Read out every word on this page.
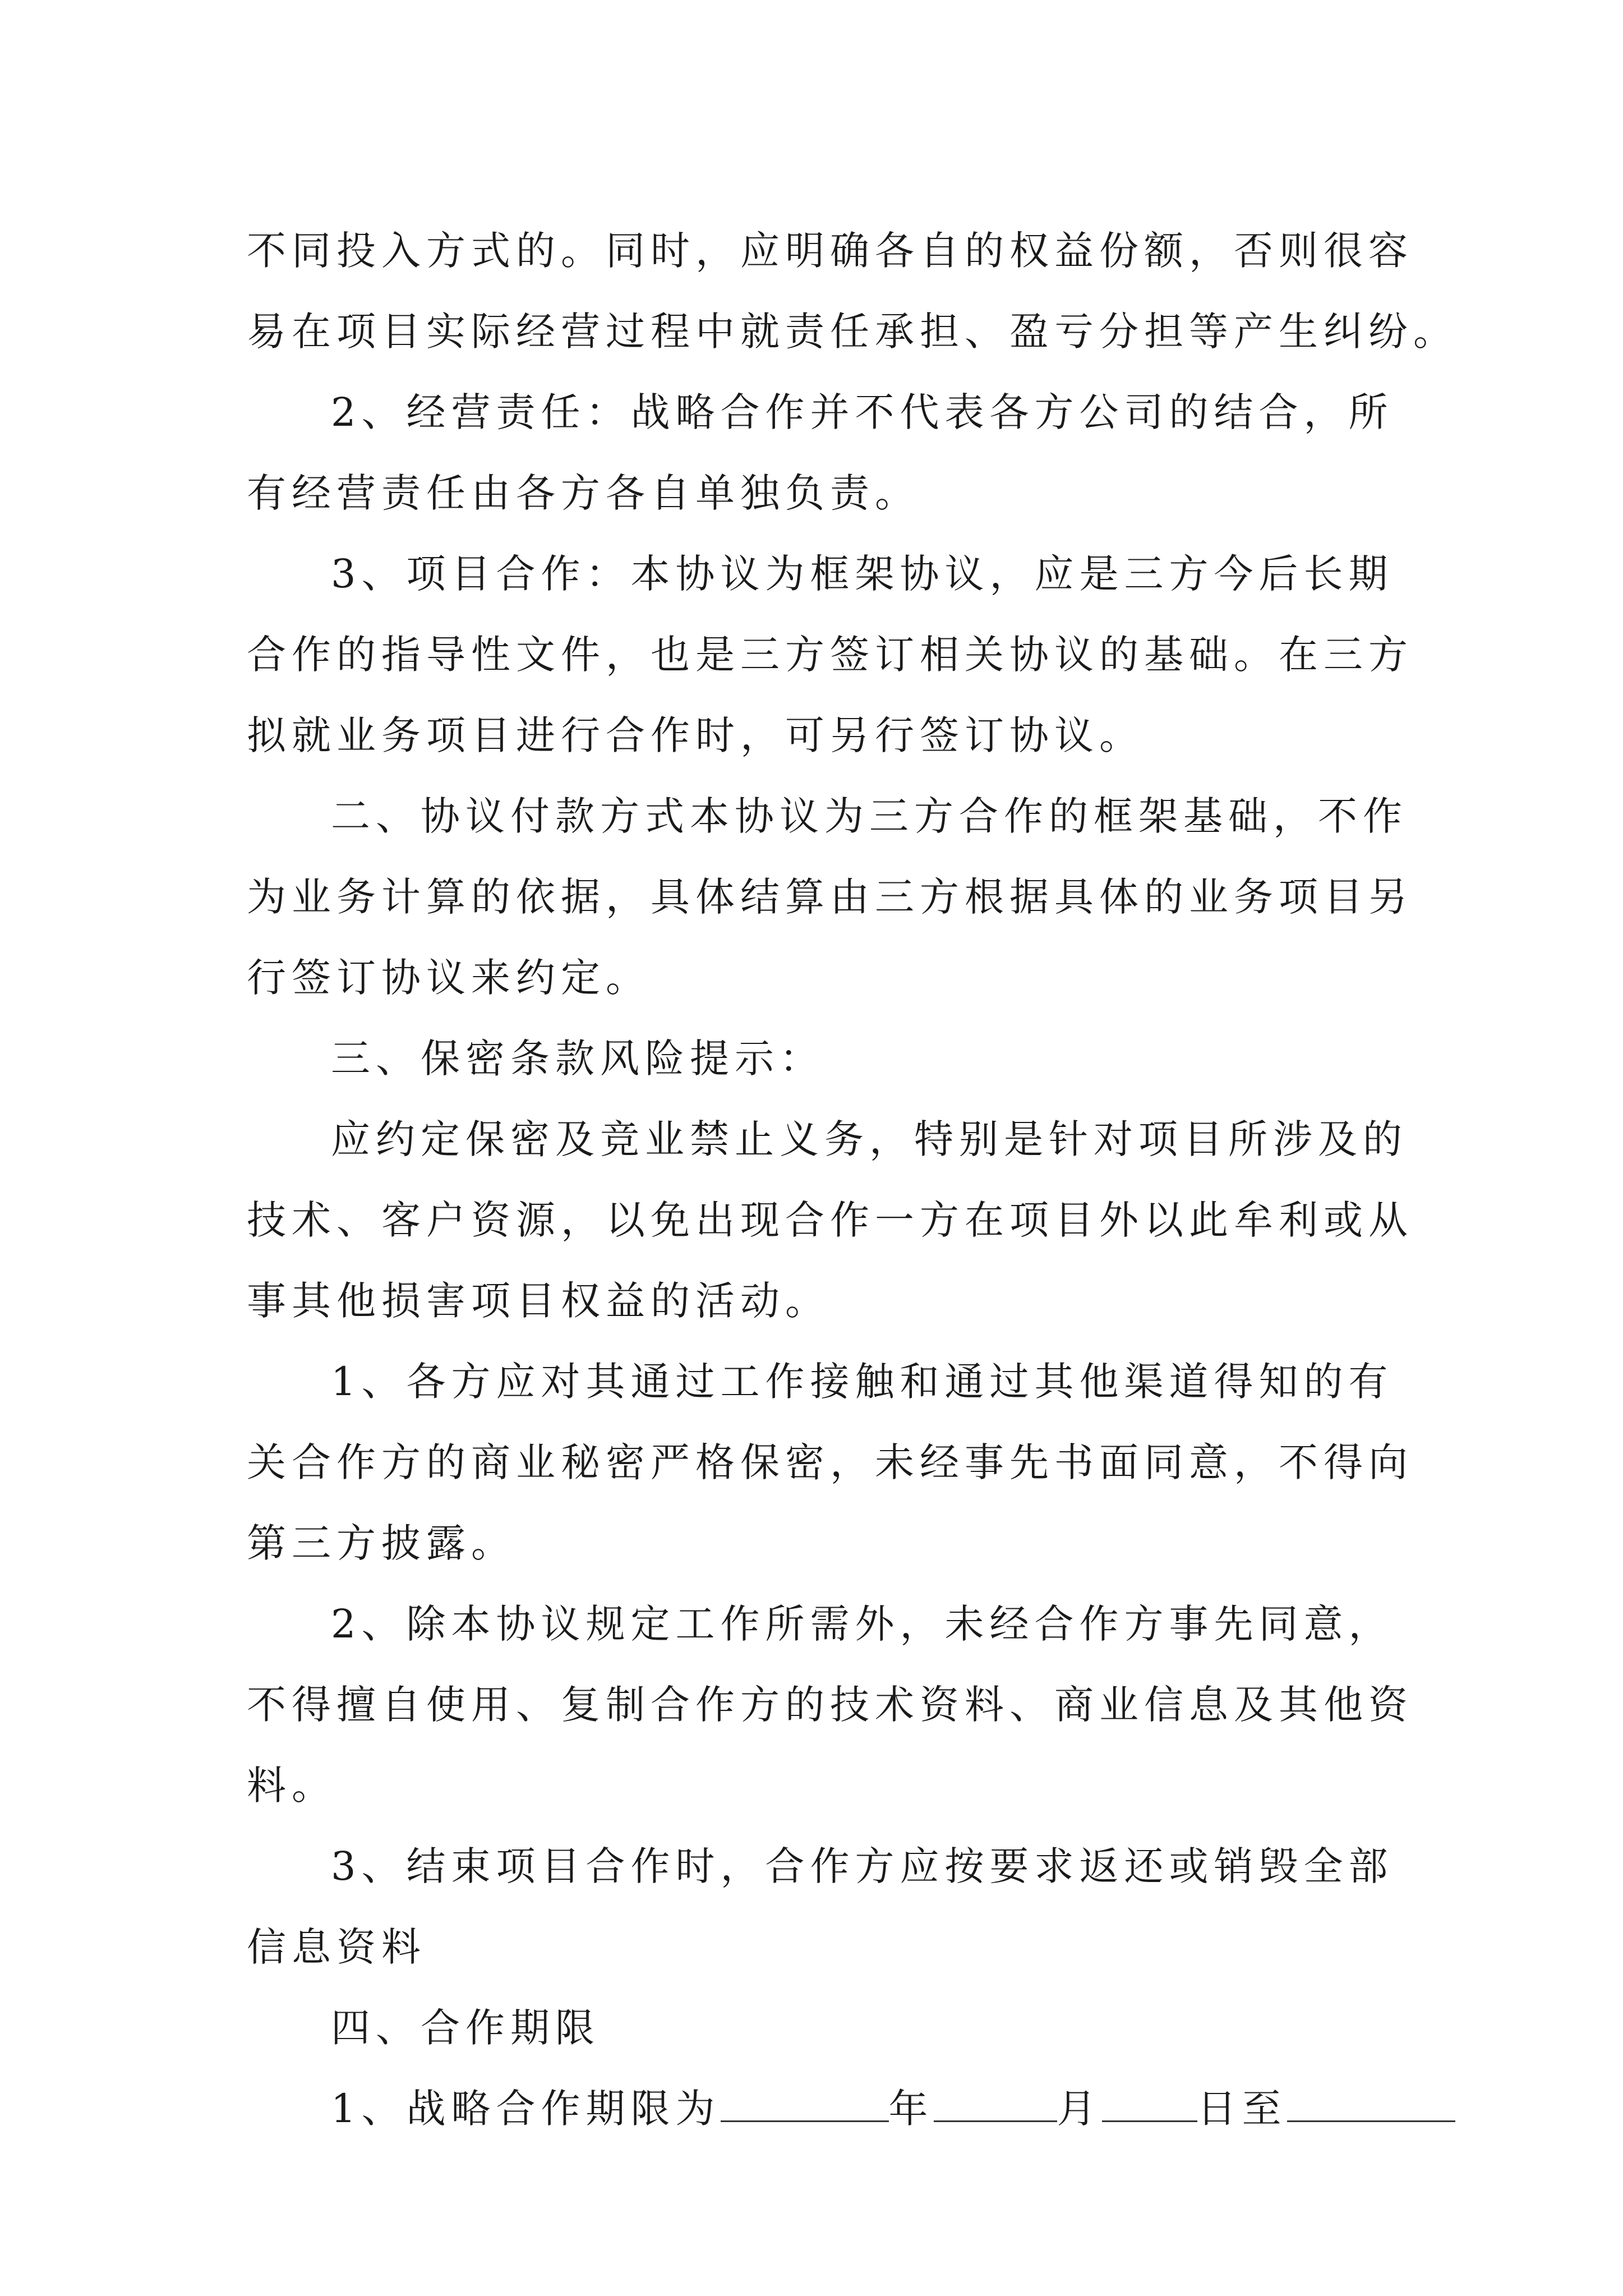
不同投入方式的。同时，应明确各自的权益份额，否则很容
易在项目实际经营过程中就责任承担、盈亏分担等产生纠纷。

2、经营责任：战略合作并不代表各方公司的结合，所
有经营责任由各方各自单独负责。

3、项目合作：本协议为框架协议，应是三方今后长期
合作的指导性文件，也是三方签订相关协议的基础。在三方
拟就业务项目进行合作时，可另行签订协议。

二、协议付款方式本协议为三方合作的框架基础，不作
为业务计算的依据，具体结算由三方根据具体的业务项目另
行签订协议来约定。

三、保密条款风险提示：

应约定保密及竞业禁止义务，特别是针对项目所涉及的
技术、客户资源，以免出现合作一方在项目外以此牟利或从
事其他损害项目权益的活动。

1、各方应对其通过工作接触和通过其他渠道得知的有
关合作方的商业秘密严格保密，未经事先书面同意，不得向
第三方披露。

2、除本协议规定工作所需外，未经合作方事先同意，
不得擅自使用、复制合作方的技术资料、商业信息及其他资
料。

3、结束项目合作时，合作方应按要求返还或销毁全部
信息资料

四、合作期限

1、战略合作期限为	年	月 日至
